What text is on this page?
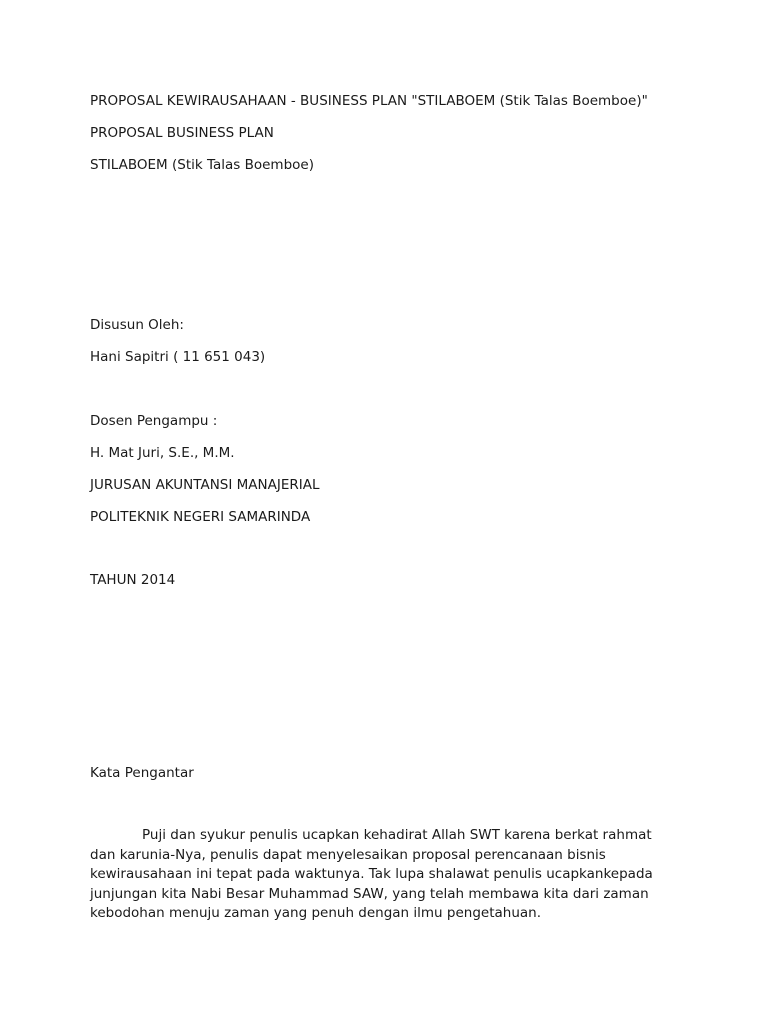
PROPOSAL KEWIRAUSAHAAN - BUSINESS PLAN "STILABOEM (Stik Talas Boemboe)"
PROPOSAL BUSINESS PLAN
STILABOEM (Stik Talas Boemboe)
Disusun Oleh:
Hani Sapitri ( 11 651 043)
Dosen Pengampu :
H. Mat Juri, S.E., M.M.
JURUSAN AKUNTANSI MANAJERIAL
POLITEKNIK NEGERI SAMARINDA
TAHUN 2014
Kata Pengantar
Puji dan syukur penulis ucapkan kehadirat Allah SWT karena berkat rahmat
dan karunia-Nya, penulis dapat menyelesaikan proposal perencanaan bisnis
kewirausahaan ini tepat pada waktunya. Tak lupa shalawat penulis ucapkankepada
junjungan kita Nabi Besar Muhammad SAW, yang telah membawa kita dari zaman
kebodohan menuju zaman yang penuh dengan ilmu pengetahuan.
